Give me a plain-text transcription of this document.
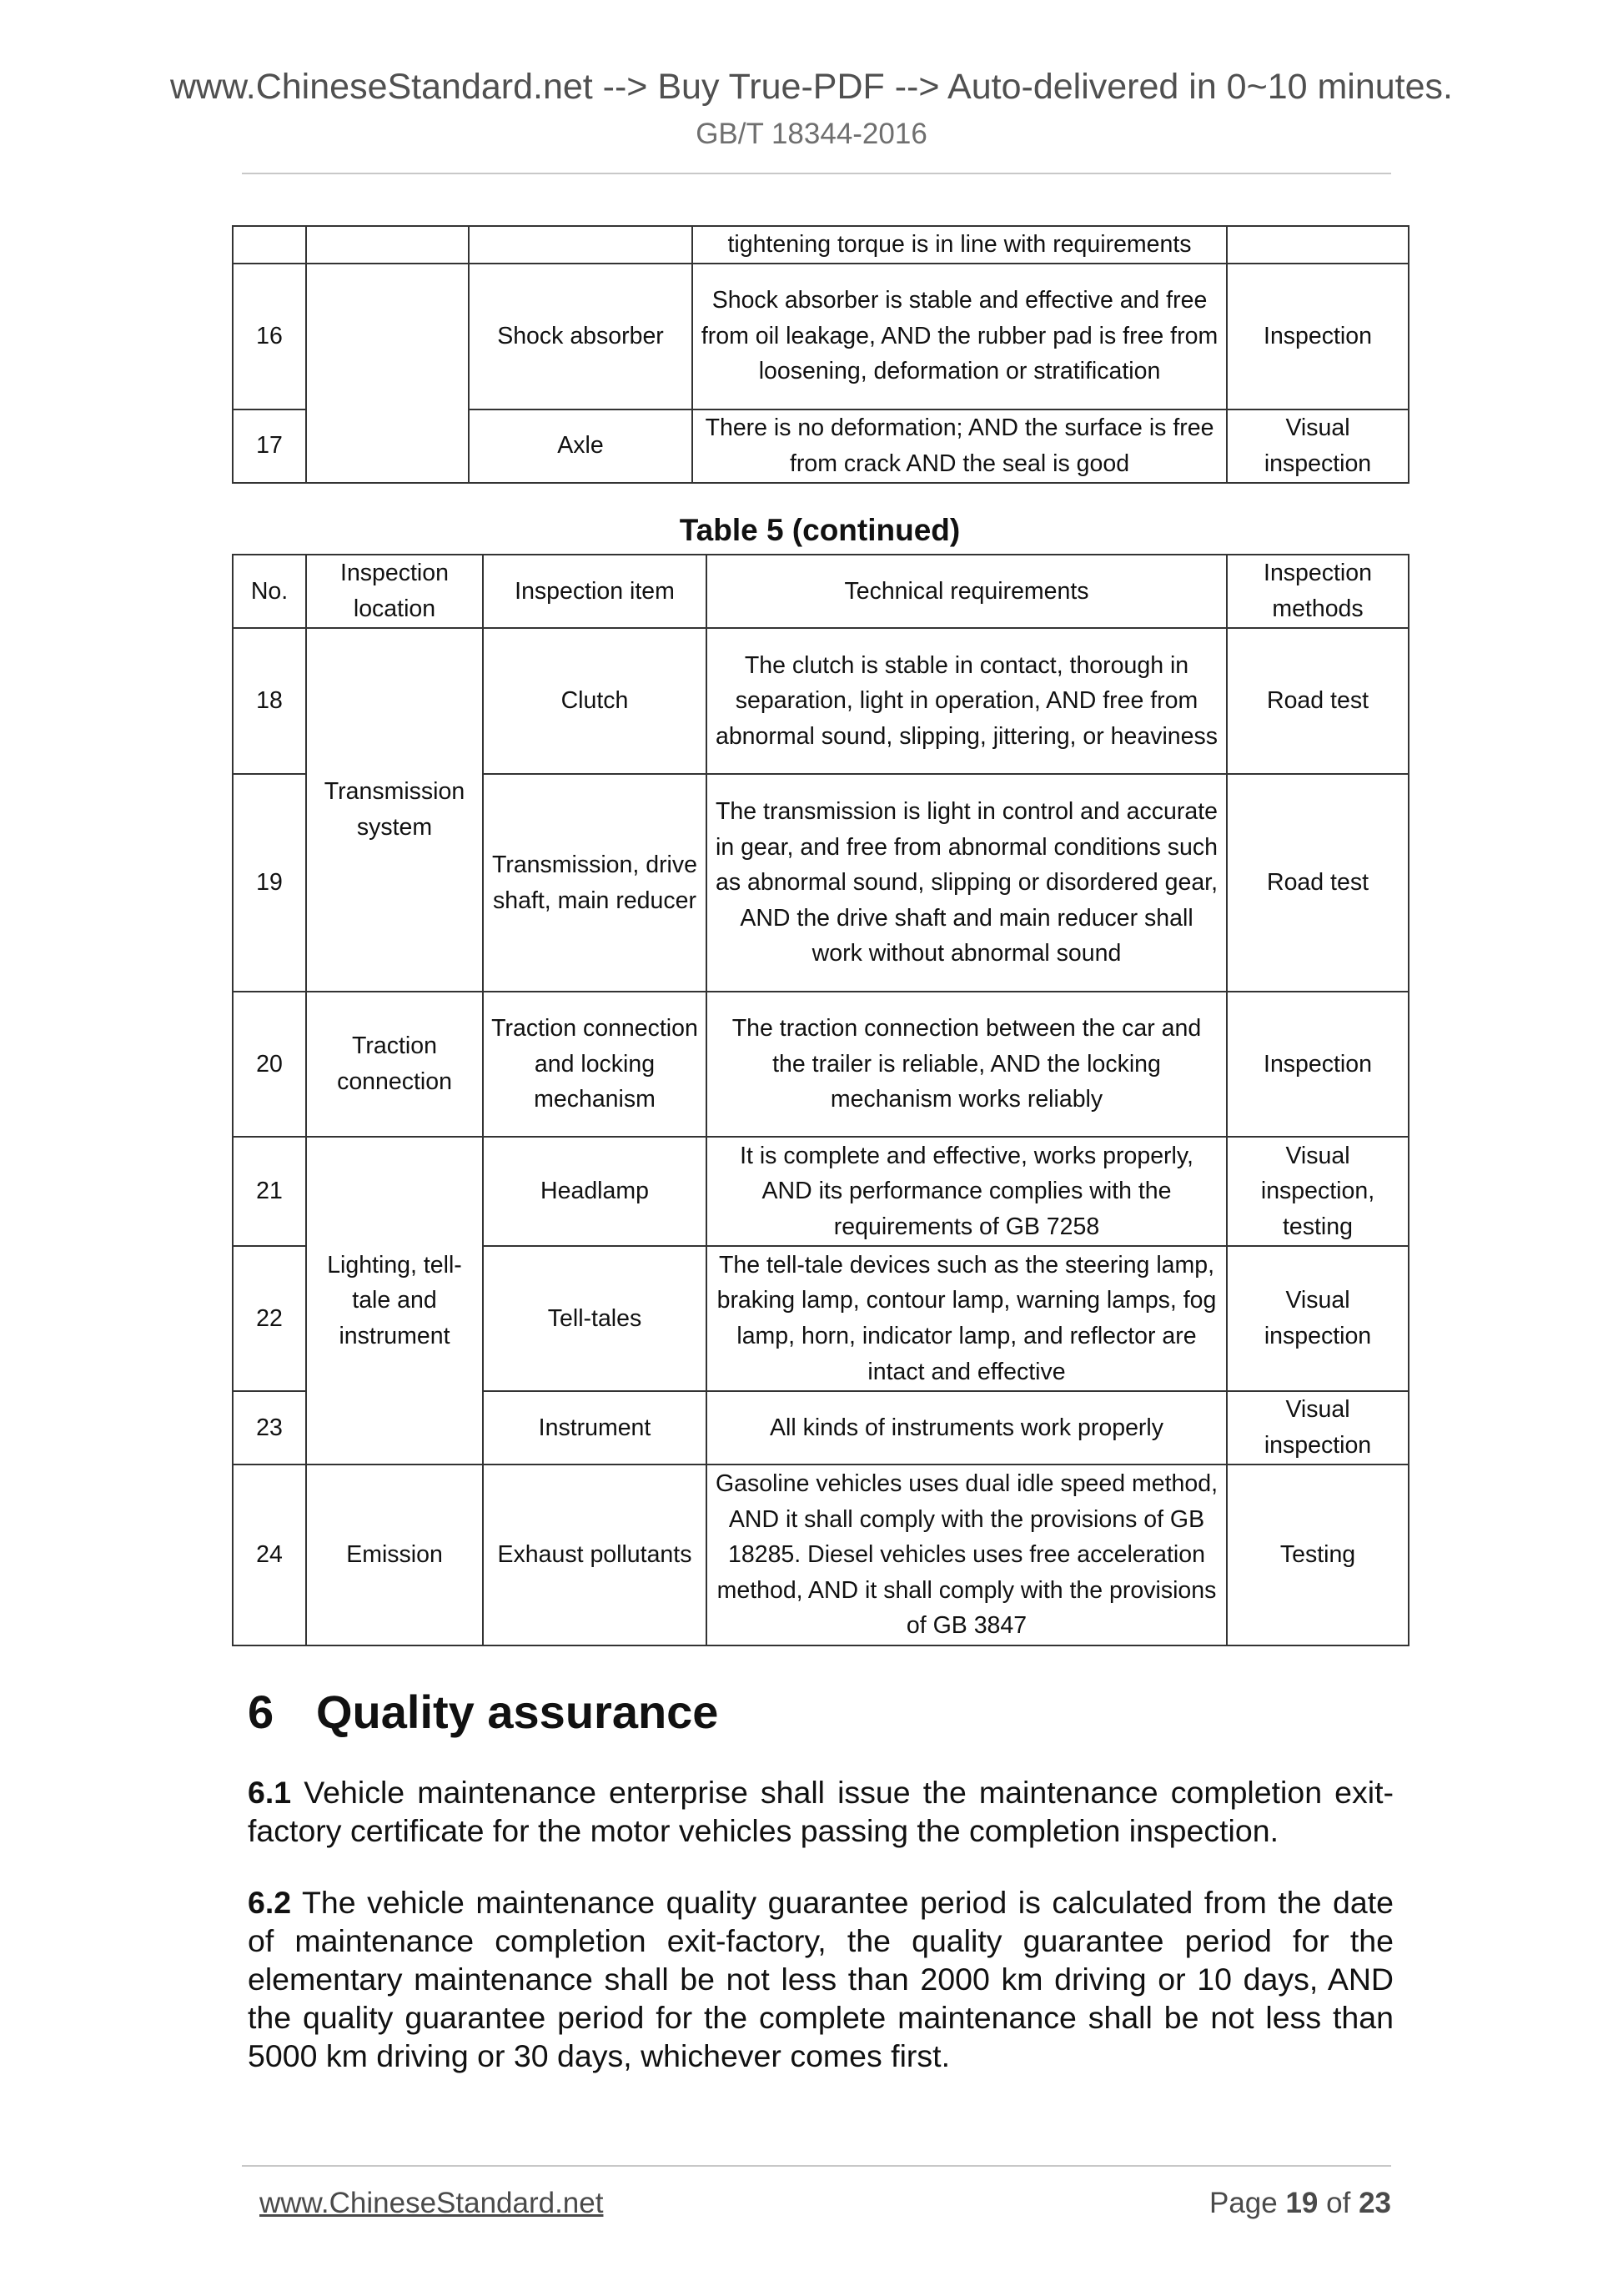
www.ChineseStandard.net --> Buy True-PDF --> Auto-delivered in 0~10 minutes.
GB/T 18344-2016
			tightening torque is in line with requirements	
16		Shock absorber	Shock absorber is stable and effective and free from oil leakage, AND the rubber pad is free from loosening, deformation or stratification	Inspection
17		Axle	There is no deformation; AND the surface is free from crack AND the seal is good	Visual inspection
Table 5 (continued)
No.	Inspection location	Inspection item	Technical requirements	Inspection methods
18	Transmission system	Clutch	The clutch is stable in contact, thorough in separation, light in operation, AND free from abnormal sound, slipping, jittering, or heaviness	Road test
19		Transmission, drive shaft, main reducer	The transmission is light in control and accurate in gear, and free from abnormal conditions such as abnormal sound, slipping or disordered gear, AND the drive shaft and main reducer shall work without abnormal sound	Road test
20	Traction connection	Traction connection and locking mechanism	The traction connection between the car and the trailer is reliable, AND the locking mechanism works reliably	Inspection
21	Lighting, tell-tale and instrument	Headlamp	It is complete and effective, works properly, AND its performance complies with the requirements of GB 7258	Visual inspection, testing
22		Tell-tales	The tell-tale devices such as the steering lamp, braking lamp, contour lamp, warning lamps, fog lamp, horn, indicator lamp, and reflector are intact and effective	Visual inspection
23		Instrument	All kinds of instruments work properly	Visual inspection
24	Emission	Exhaust pollutants	Gasoline vehicles uses dual idle speed method, AND it shall comply with the provisions of GB 18285. Diesel vehicles uses free acceleration method, AND it shall comply with the provisions of GB 3847	Testing
6 Quality assurance
6.1 Vehicle maintenance enterprise shall issue the maintenance completion exit-factory certificate for the motor vehicles passing the completion inspection.
6.2 The vehicle maintenance quality guarantee period is calculated from the date of maintenance completion exit-factory, the quality guarantee period for the elementary maintenance shall be not less than 2000 km driving or 10 days, AND the quality guarantee period for the complete maintenance shall be not less than 5000 km driving or 30 days, whichever comes first.
www.ChineseStandard.net	Page 19 of 23
